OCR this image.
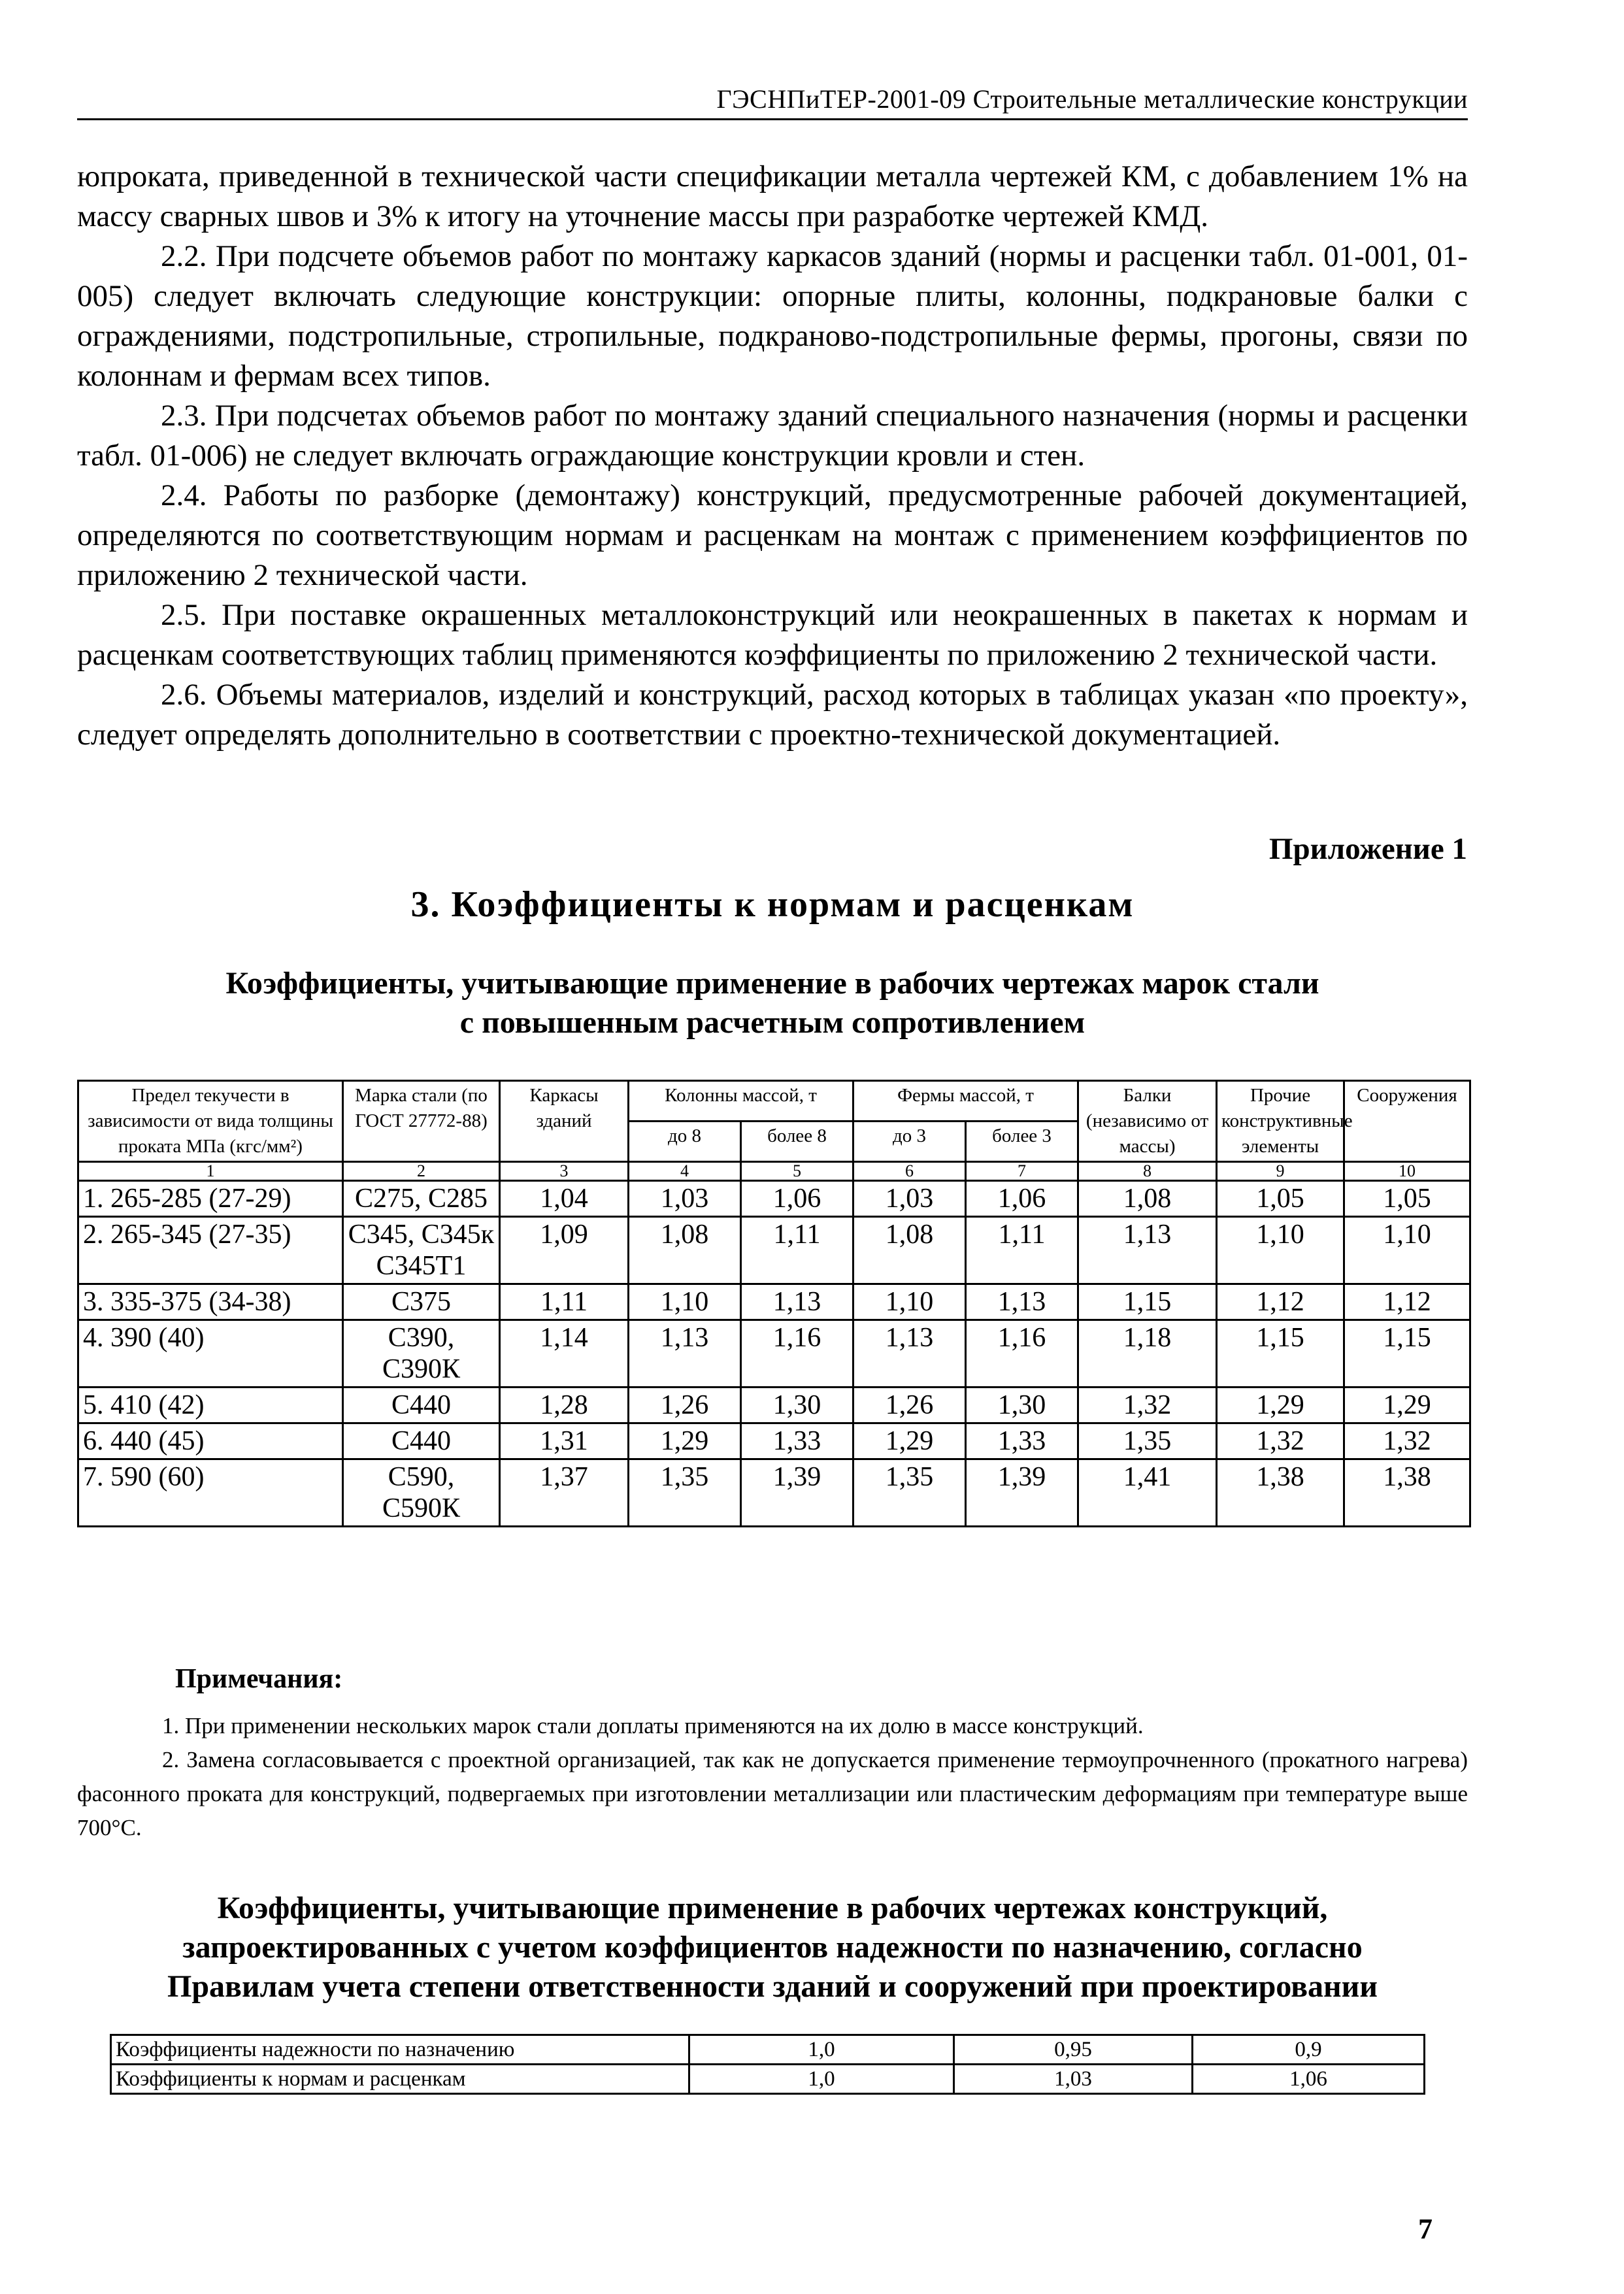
ГЭСНПиТЕР-2001-09 Строительные металлические конструкции

юпроката, приведенной в технической части спецификации металла чертежей КМ, с добавлением 1% на массу сварных швов и 3% к итогу на уточнение массы при разработке чертежей КМД.

2.2. При подсчете объемов работ по монтажу каркасов зданий (нормы и расценки табл. 01-001, 01-005) следует включать следующие конструкции: опорные плиты, колонны, подкрановые балки с ограждениями, подстропильные, стропильные, подкраново-подстропильные фермы, прогоны, связи по колоннам и фермам всех типов.

2.3. При подсчетах объемов работ по монтажу зданий специального назначения (нормы и расценки табл. 01-006) не следует включать ограждающие конструкции кровли и стен.

2.4. Работы по разборке (демонтажу) конструкций, предусмотренные рабочей документацией, определяются по соответствующим нормам и расценкам на монтаж с применением коэффициентов по приложению 2 технической части.

2.5. При поставке окрашенных металлоконструкций или неокрашенных в пакетах к нормам и расценкам соответствующих таблиц применяются коэффициенты по приложению 2 технической части.

2.6. Объемы материалов, изделий и конструкций, расход которых в таблицах указан «по проекту», следует определять дополнительно в соответствии с проектно-технической документацией.

Приложение 1
3. Коэффициенты к нормам и расценкам
Коэффициенты, учитывающие применение в рабочих чертежах марок стали
с повышенным расчетным сопротивлением
Предел текучести в зависимости от вида толщины проката МПа (кгс/мм²)	Марка стали (по ГОСТ 27772-88)	Каркасы зданий	Колонны массой, т		Фермы массой, т		Балки (независимо от массы)	Прочие конструктивные элементы	Сооружения
			до 8	более 8	до 3	более 3			
1	2	3	4	5	6	7	8	9	10
1. 265-285 (27-29)	С275, С285	1,04	1,03	1,06	1,03	1,06	1,08	1,05	1,05
2. 265-345 (27-35)	С345, С345к С345Т1	1,09	1,08	1,11	1,08	1,11	1,13	1,10	1,10
3. 335-375 (34-38)	С375	1,11	1,10	1,13	1,10	1,13	1,15	1,12	1,12
4. 390 (40)	С390, С390К	1,14	1,13	1,16	1,13	1,16	1,18	1,15	1,15
5. 410 (42)	С440	1,28	1,26	1,30	1,26	1,30	1,32	1,29	1,29
6. 440 (45)	С440	1,31	1,29	1,33	1,29	1,33	1,35	1,32	1,32
7. 590 (60)	С590, С590К	1,37	1,35	1,39	1,35	1,39	1,41	1,38	1,38
Примечания:

1. При применении нескольких марок стали доплаты применяются на их долю в массе конструкций.

2. Замена согласовывается с проектной организацией, так как не допускается применение термоупрочненного (прокатного нагрева) фасонного проката для конструкций, подвергаемых при изготовлении металлизации или пластическим деформациям при температуре выше 700°С.

Коэффициенты, учитывающие применение в рабочих чертежах конструкций,
запроектированных с учетом коэффициентов надежности по назначению, согласно
Правилам учета степени ответственности зданий и сооружений при проектировании
Коэффициенты надежности по назначению	1,0	0,95	0,9
Коэффициенты к нормам и расценкам	1,0	1,03	1,06
7
